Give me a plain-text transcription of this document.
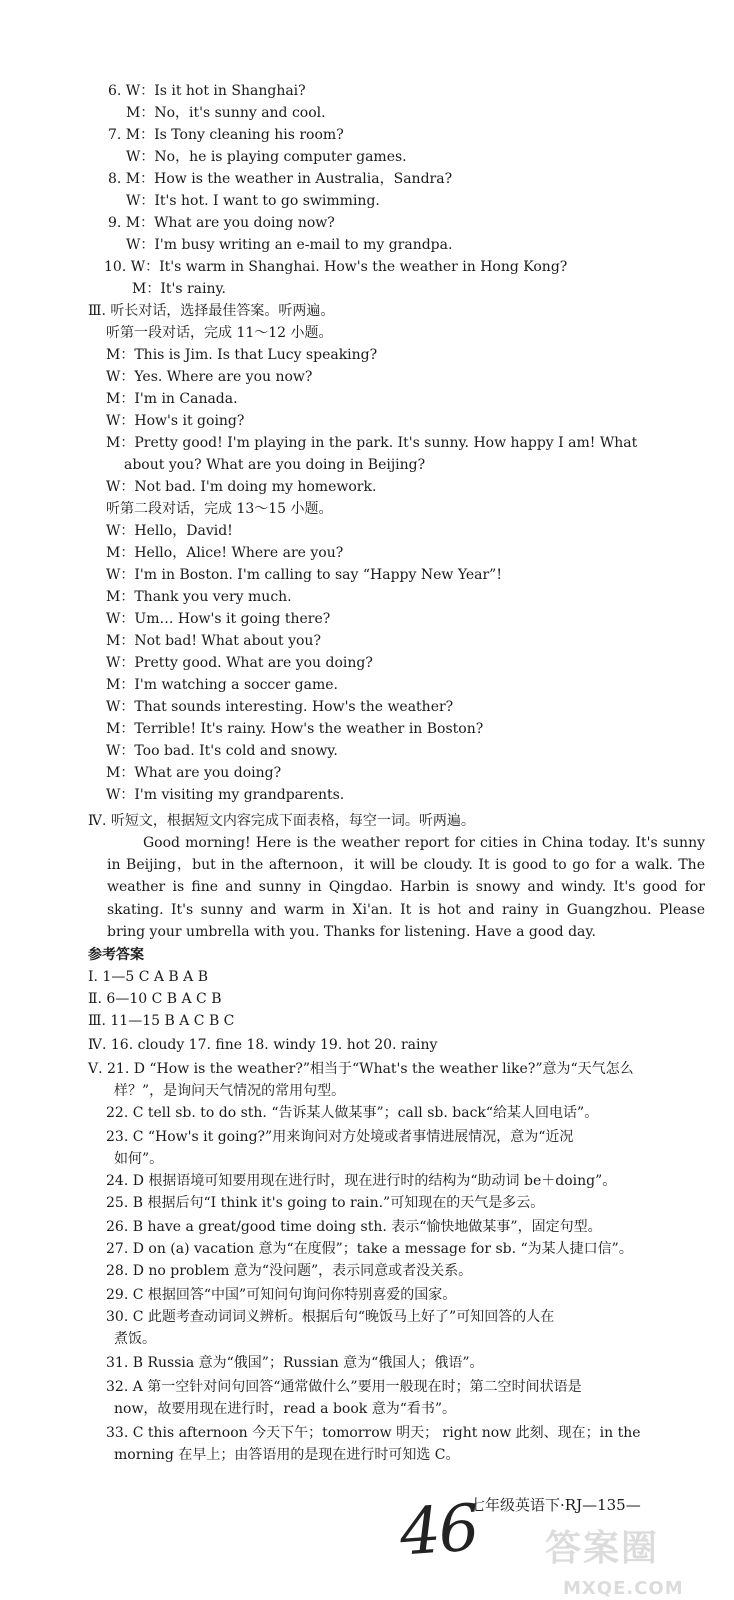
6. W：Is it hot in Shanghai?
M：No，it's sunny and cool.
7. M：Is Tony cleaning his room?
W：No，he is playing computer games.
8. M：How is the weather in Australia，Sandra?
W：It's hot. I want to go swimming.
9. M：What are you doing now?
W：I'm busy writing an e-mail to my grandpa.
10. W：It's warm in Shanghai. How's the weather in Hong Kong?
M：It's rainy.
Ⅲ. 听长对话，选择最佳答案。听两遍。
听第一段对话，完成 11～12 小题。
M：This is Jim. Is that Lucy speaking?
W：Yes. Where are you now?
M：I'm in Canada.
W：How's it going?
M：Pretty good! I'm playing in the park. It's sunny. How happy I am! What
about you? What are you doing in Beijing?
W：Not bad. I'm doing my homework.
听第二段对话，完成 13～15 小题。
W：Hello，David!
M：Hello，Alice! Where are you?
W：I'm in Boston. I'm calling to say “Happy New Year”!
M：Thank you very much.
W：Um… How's it going there?
M：Not bad! What about you?
W：Pretty good. What are you doing?
M：I'm watching a soccer game.
W：That sounds interesting. How's the weather?
M：Terrible! It's rainy. How's the weather in Boston?
W：Too bad. It's cold and snowy.
M：What are you doing?
W：I'm visiting my grandparents.
Ⅳ. 听短文，根据短文内容完成下面表格，每空一词。听两遍。
Good morning! Here is the weather report for cities in China today. It's sunny in Beijing，but in the afternoon，it will be cloudy. It is good to go for a walk. The weather is fine and sunny in Qingdao. Harbin is snowy and windy. It's good for skating. It's sunny and warm in Xi'an. It is hot and rainy in Guangzhou. Please bring your umbrella with you. Thanks for listening. Have a good day.
参考答案
Ⅰ. 1—5 C A B A B
Ⅱ. 6—10 C B A C B
Ⅲ. 11—15 B A C B C
Ⅳ. 16. cloudy 17. fine 18. windy 19. hot 20. rainy
Ⅴ. 21. D “How is the weather?”相当于“What's the weather like?”意为“天气怎么
样？”，是询问天气情况的常用句型。
22. C tell sb. to do sth. “告诉某人做某事”；call sb. back“给某人回电话”。
23. C “How's it going?”用来询问对方处境或者事情进展情况，意为“近况
如何”。
24. D 根据语境可知要用现在进行时，现在进行时的结构为“助动词 be＋doing”。
25. B 根据后句“I think it's going to rain.”可知现在的天气是多云。
26. B have a great/good time doing sth. 表示“愉快地做某事”，固定句型。
27. D on (a) vacation 意为“在度假”；take a message for sb. “为某人捷口信”。
28. D no problem 意为“没问题”，表示同意或者没关系。
29. C 根据回答“中国”可知问句询问你特别喜爱的国家。
30. C 此题考查动词词义辨析。根据后句“晚饭马上好了”可知回答的人在
煮饭。
31. B Russia 意为“俄国”；Russian 意为“俄国人；俄语”。
32. A 第一空针对问句回答“通常做什么”要用一般现在时；第二空时间状语是
now，故要用现在进行时，read a book 意为“看书”。
33. C this afternoon 今天下午；tomorrow 明天； right now 此刻、现在；in the
morning 在早上；由答语用的是现在进行时可知选 C。
七年级英语下·RJ—135—
46 答案圈
MXQE.COM
